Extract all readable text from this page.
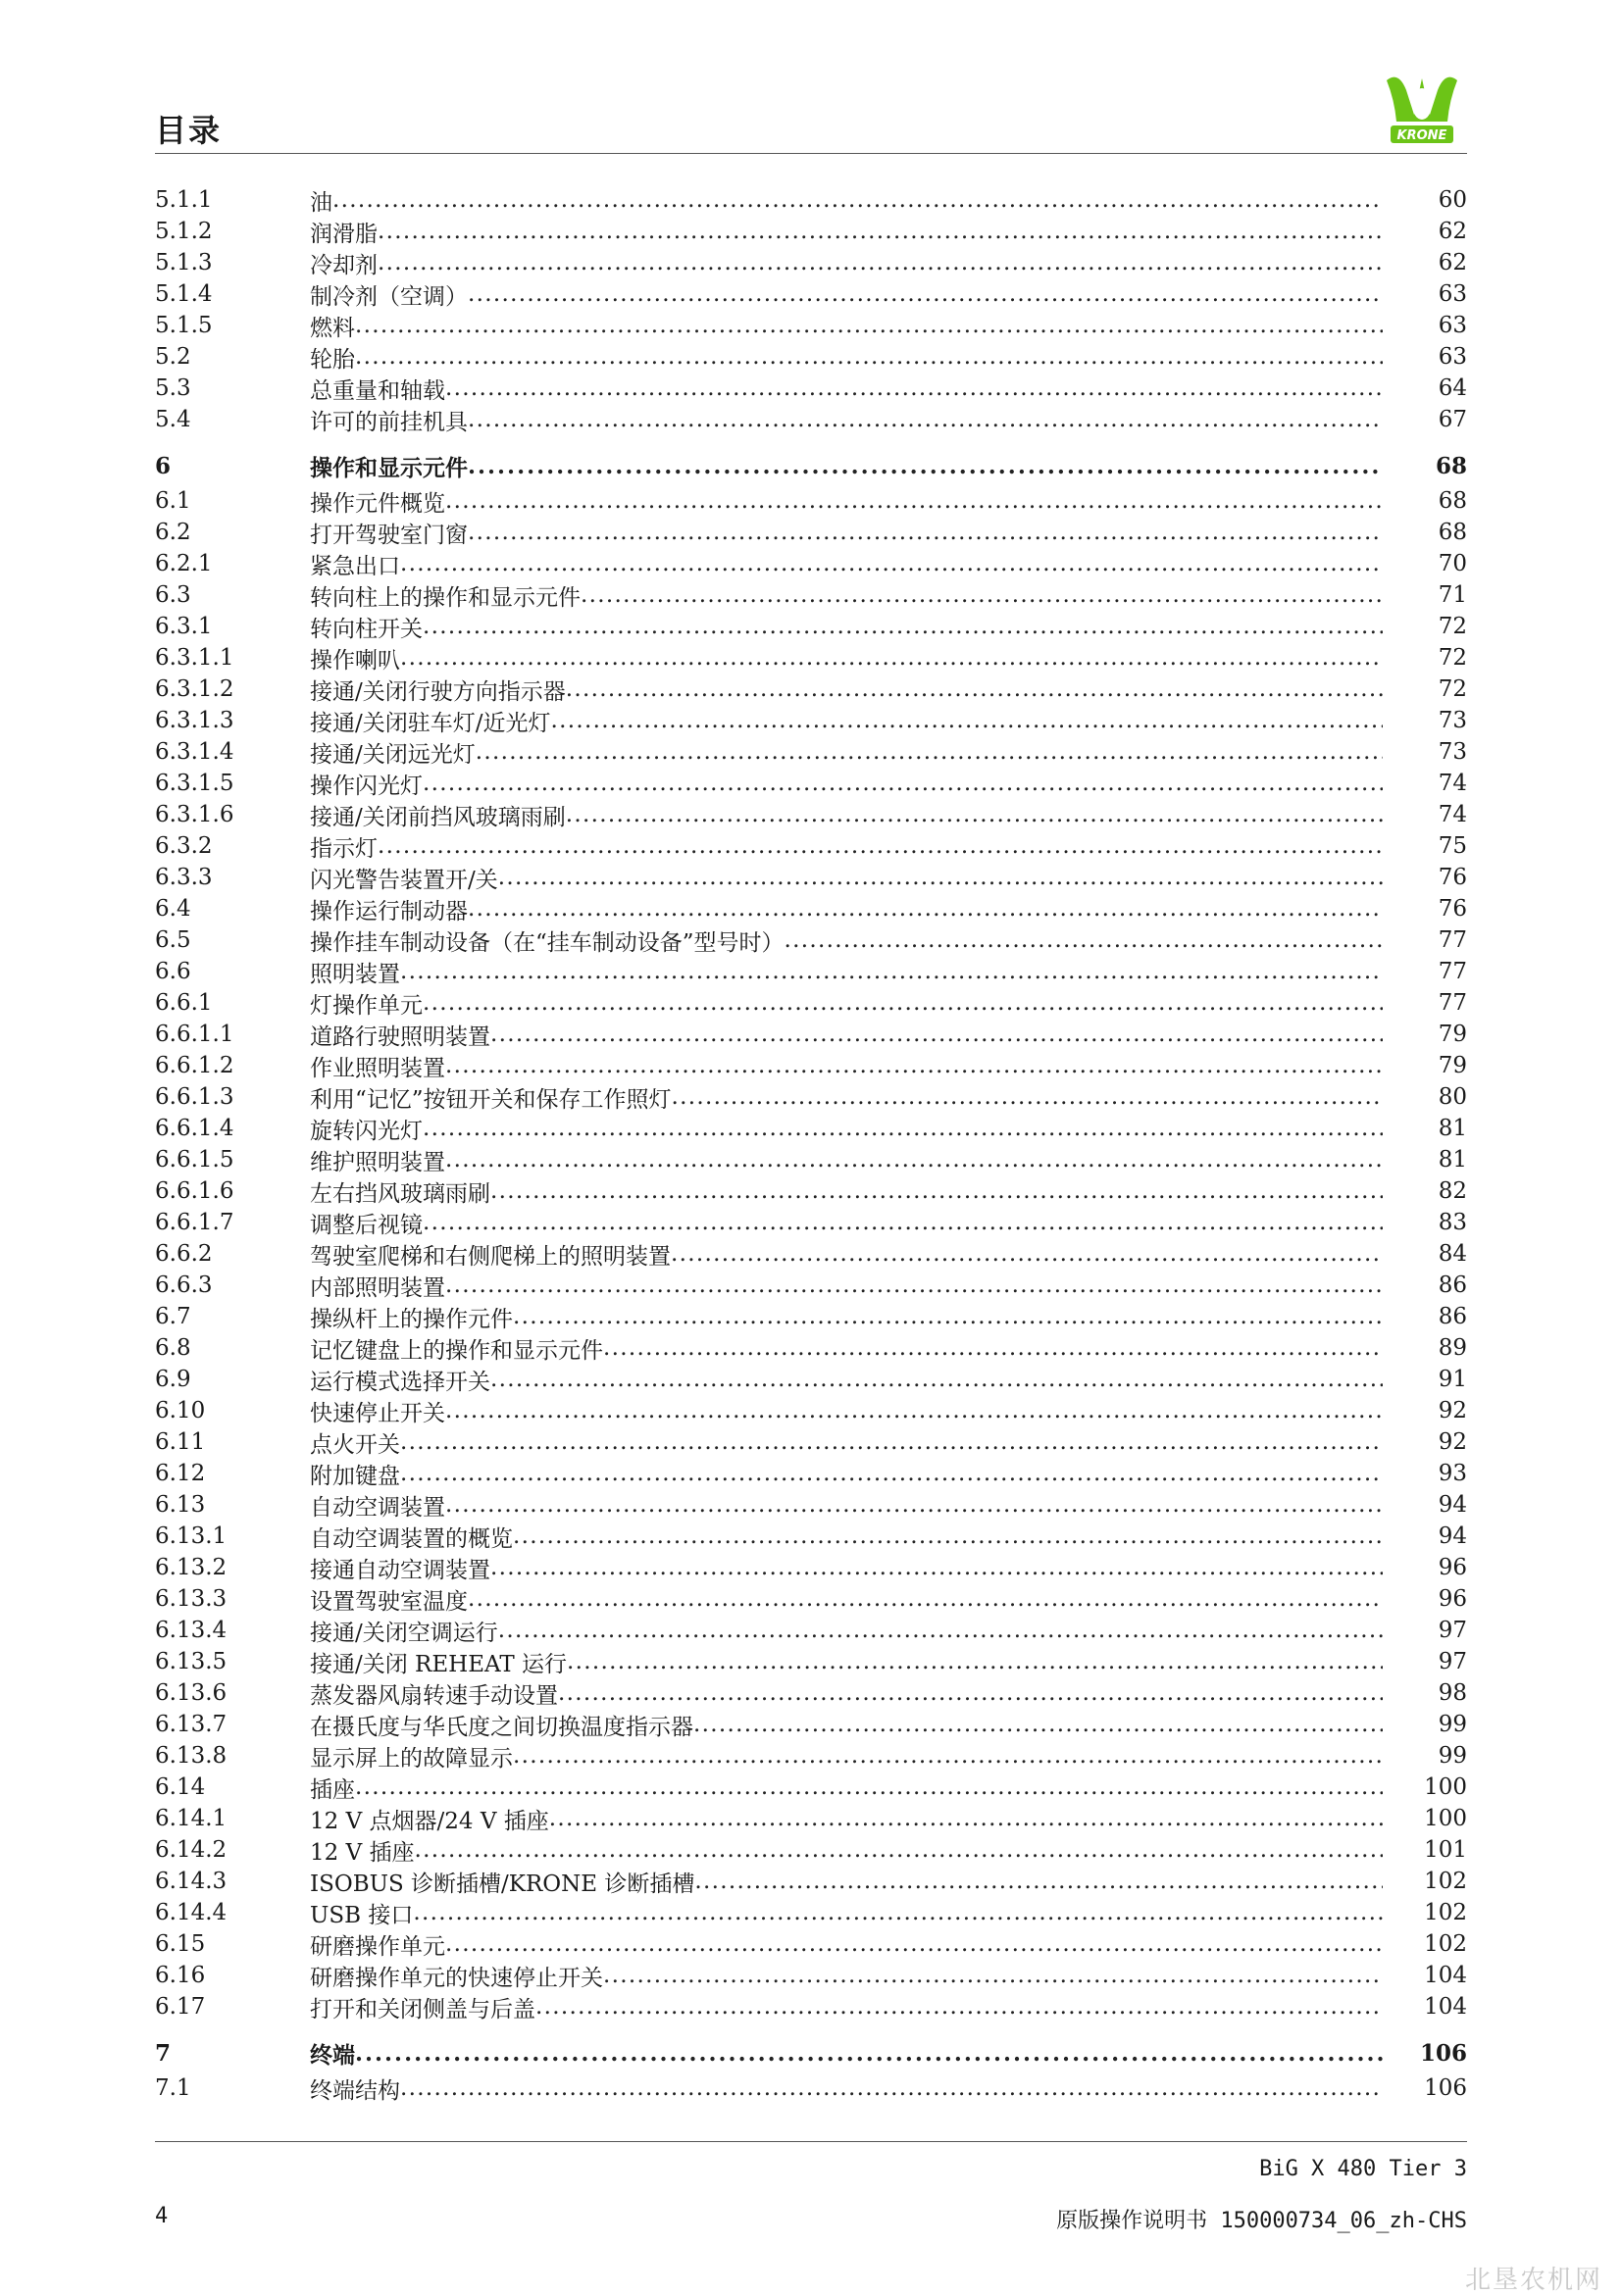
目录	KRONE
5.1.1	油 . . .	60
5.1.2	润滑脂 . . .	62
5.1.3	冷却剂 . . .	62
5.1.4	制冷剂（空调） . . .	63
5.1.5	燃料 . . .	63
5.2	轮胎 . . .	63
5.3	总重量和轴载 . . .	64
5.4	许可的前挂机具 . . .	67
6	操作和显示元件 . . .	68
6.1	操作元件概览 . . .	68
6.2	打开驾驶室门窗 . . .	68
6.2.1	紧急出口 . . .	70
6.3	转向柱上的操作和显示元件 . . .	71
6.3.1	转向柱开关 . . .	72
6.3.1.1	操作喇叭 . . .	72
6.3.1.2	接通/关闭行驶方向指示器 . . .	72
6.3.1.3	接通/关闭驻车灯/近光灯 . . .	73
6.3.1.4	接通/关闭远光灯 . . .	73
6.3.1.5	操作闪光灯 . . .	74
6.3.1.6	接通/关闭前挡风玻璃雨刷 . . .	74
6.3.2	指示灯 . . .	75
6.3.3	闪光警告装置开/关 . . .	76
6.4	操作运行制动器 . . .	76
6.5	操作挂车制动设备（在“挂车制动设备”型号时） . . .	77
6.6	照明装置 . . .	77
6.6.1	灯操作单元 . . .	77
6.6.1.1	道路行驶照明装置 . . .	79
6.6.1.2	作业照明装置 . . .	79
6.6.1.3	利用“记忆”按钮开关和保存工作照灯 . . .	80
6.6.1.4	旋转闪光灯 . . .	81
6.6.1.5	维护照明装置 . . .	81
6.6.1.6	左右挡风玻璃雨刷 . . .	82
6.6.1.7	调整后视镜 . . .	83
6.6.2	驾驶室爬梯和右侧爬梯上的照明装置 . . .	84
6.6.3	内部照明装置 . . .	86
6.7	操纵杆上的操作元件 . . .	86
6.8	记忆键盘上的操作和显示元件 . . .	89
6.9	运行模式选择开关 . . .	91
6.10	快速停止开关 . . .	92
6.11	点火开关 . . .	92
6.12	附加键盘 . . .	93
6.13	自动空调装置 . . .	94
6.13.1	自动空调装置的概览 . . .	94
6.13.2	接通自动空调装置 . . .	96
6.13.3	设置驾驶室温度 . . .	96
6.13.4	接通/关闭空调运行 . . .	97
6.13.5	接通/关闭 REHEAT 运行 . . .	97
6.13.6	蒸发器风扇转速手动设置 . . .	98
6.13.7	在摄氏度与华氏度之间切换温度指示器 . . .	99
6.13.8	显示屏上的故障显示 . . .	99
6.14	插座 . . .	100
6.14.1	12 V 点烟器/24 V 插座 . . .	100
6.14.2	12 V 插座 . . .	101
6.14.3	ISOBUS 诊断插槽/KRONE 诊断插槽 . . .	102
6.14.4	USB 接口 . . .	102
6.15	研磨操作单元 . . .	102
6.16	研磨操作单元的快速停止开关 . . .	104
6.17	打开和关闭侧盖与后盖 . . .	104
7	终端 . . .	106
7.1	终端结构 . . .	106
BiG X 480 Tier 3
4	原版操作说明书 150000734_06_zh-CHS
北垦农机网
